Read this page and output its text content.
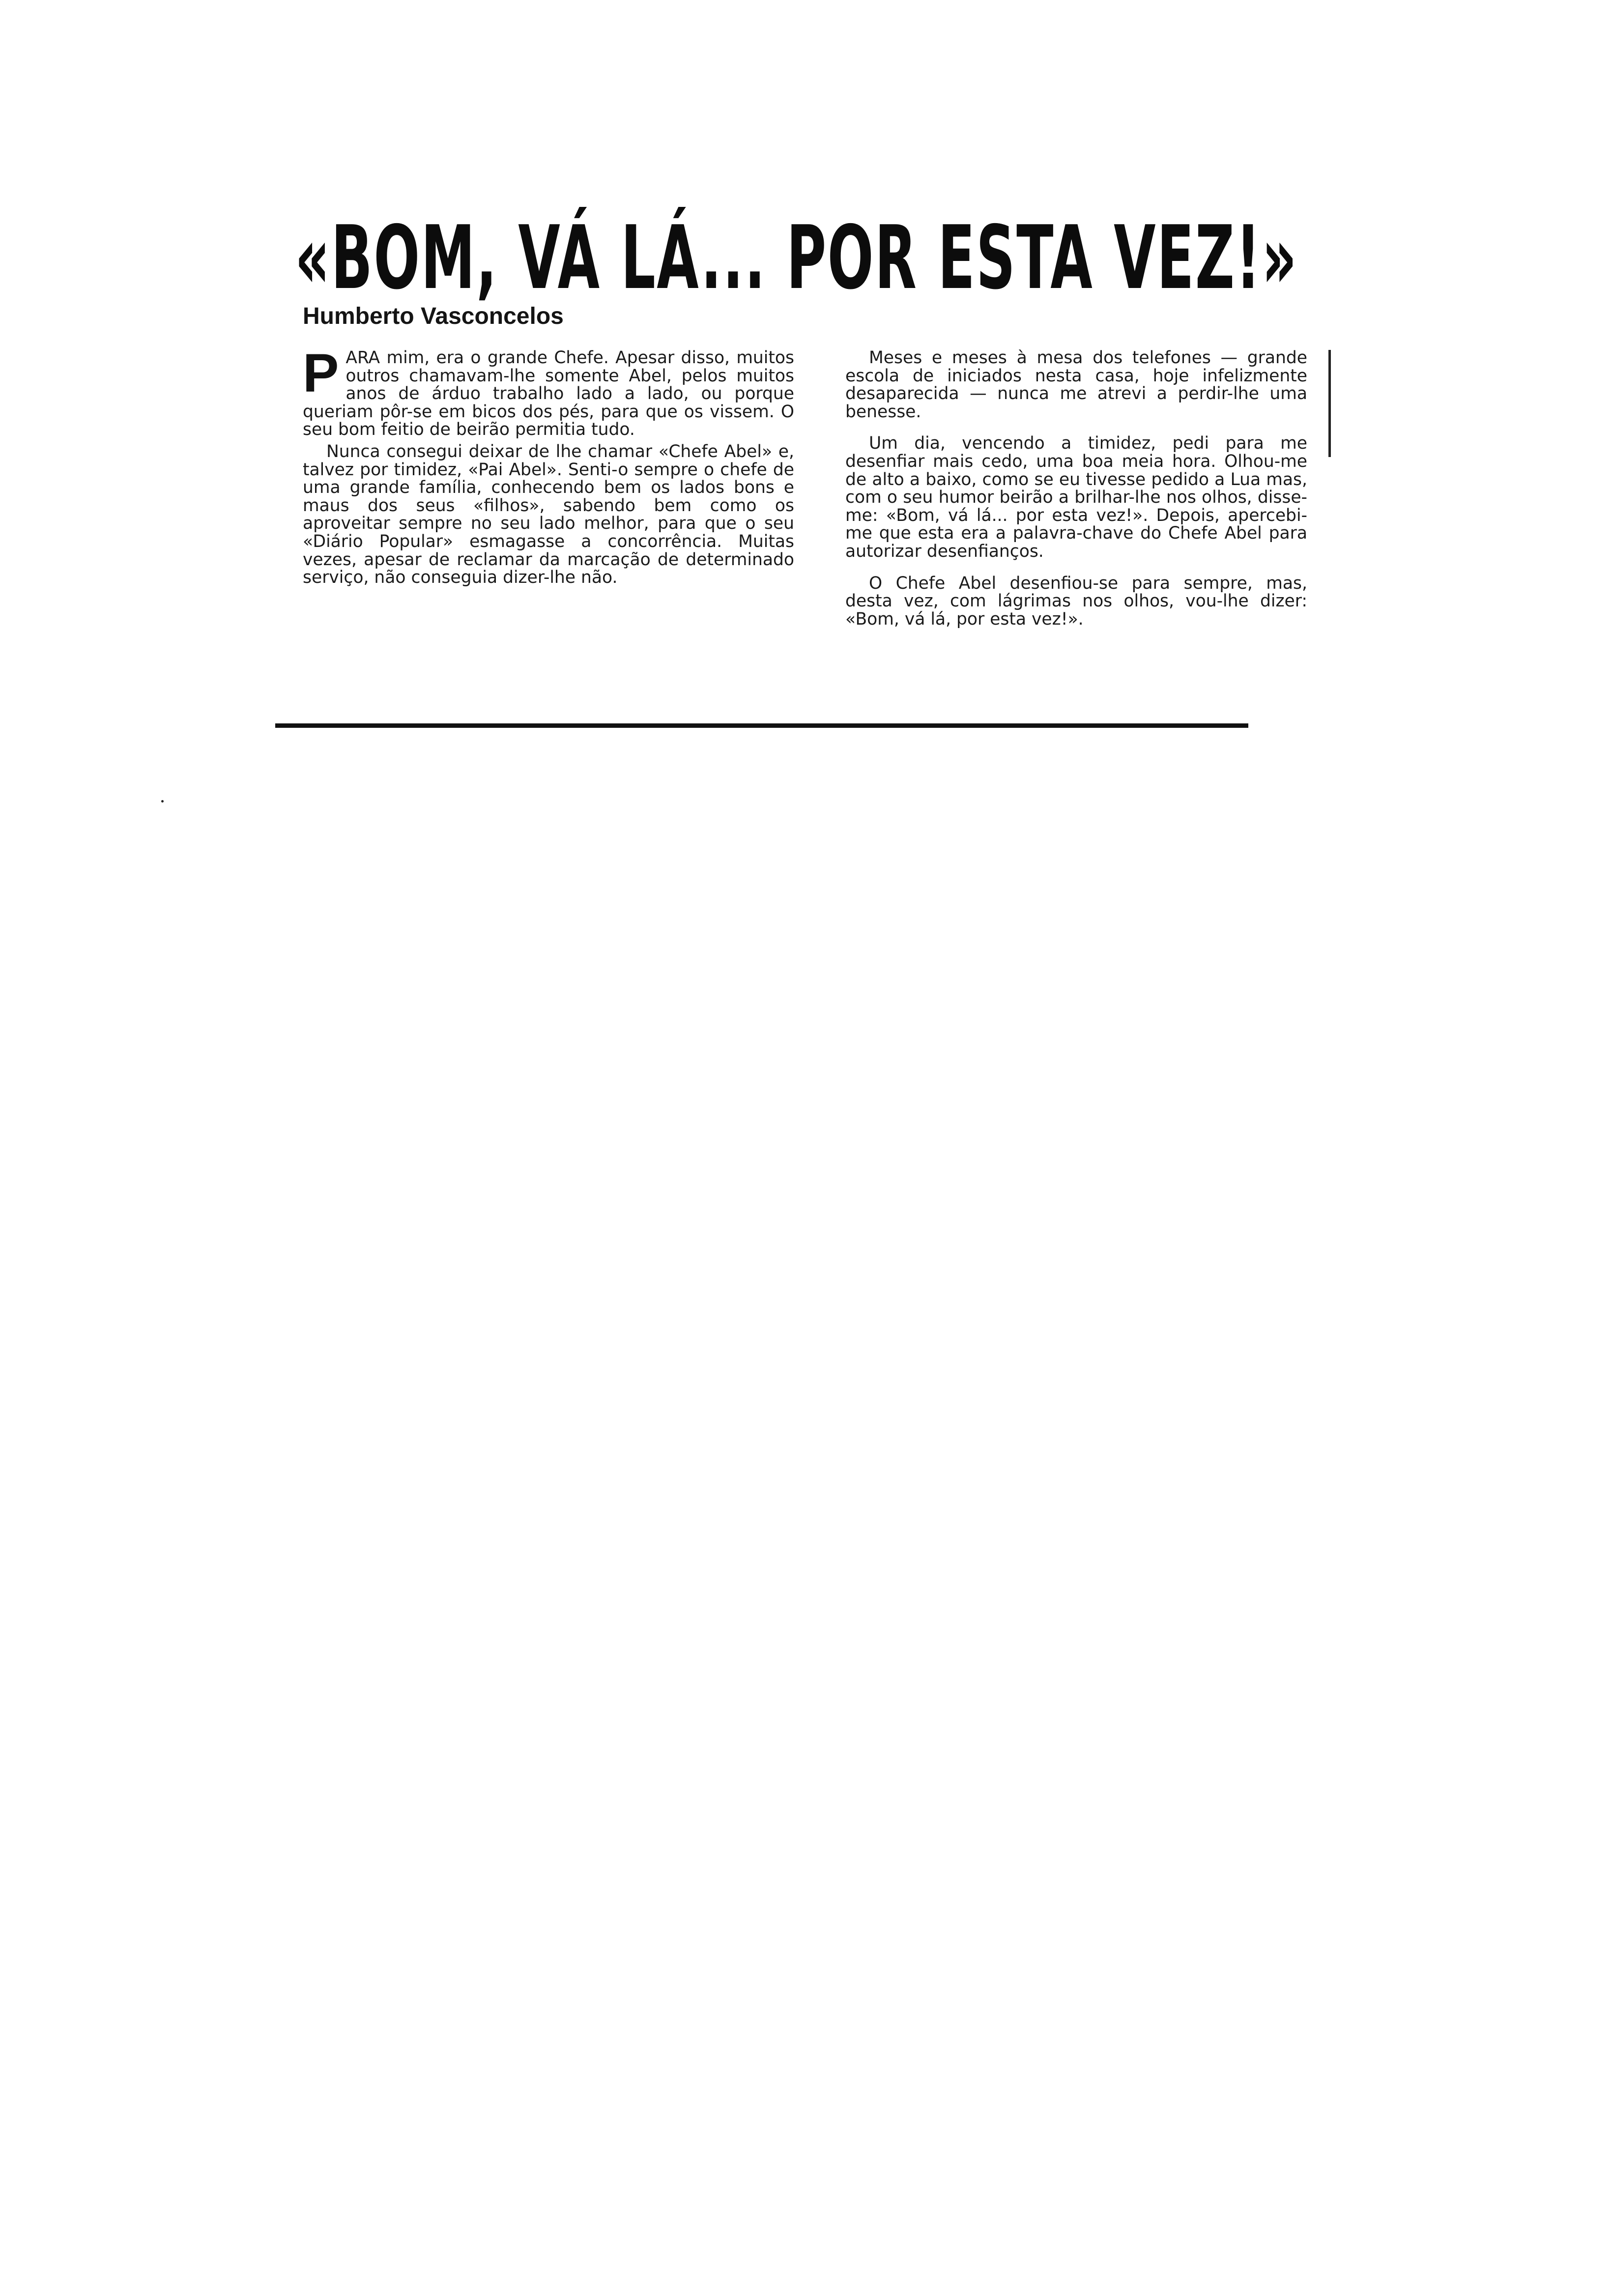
«BOM, VÁ LÁ... POR ESTA VEZ!»
Humberto Vasconcelos

PARA mim, era o grande Chefe. Apesar disso, muitos outros chamavam-lhe somente Abel, pelos muitos anos de árduo trabalho lado a lado, ou porque queriam pôr-se em bicos dos pés, para que os vissem. O seu bom feitio de beirão permitia tudo.

Nunca consegui deixar de lhe chamar «Chefe Abel» e, talvez por timidez, «Pai Abel». Senti-o sempre o chefe de uma grande família, conhecendo bem os lados bons e maus dos seus «filhos», sabendo bem como os aproveitar sempre no seu lado melhor, para que o seu «Diário Popular» esmagasse a concorrência. Muitas vezes, apesar de reclamar da marcação de determinado serviço, não conseguia dizer-lhe não.

Meses e meses à mesa dos telefones — grande escola de iniciados nesta casa, hoje infelizmente desaparecida — nunca me atrevi a perdir-lhe uma benesse.

Um dia, vencendo a timidez, pedi para me desenfiar mais cedo, uma boa meia hora. Olhou-me de alto a baixo, como se eu tivesse pedido a Lua mas, com o seu humor beirão a brilhar-lhe nos olhos, disse-me: «Bom, vá lá... por esta vez!». Depois, apercebi-me que esta era a palavra-chave do Chefe Abel para autorizar desenfianços.

O Chefe Abel desenfiou-se para sempre, mas, desta vez, com lágrimas nos olhos, vou-lhe dizer: «Bom, vá lá, por esta vez!».
